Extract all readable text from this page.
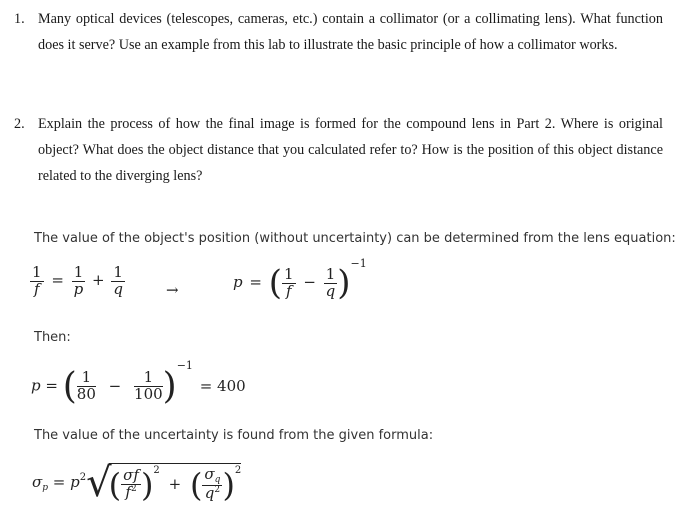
1. Many optical devices (telescopes, cameras, etc.) contain a collimator (or a collimating lens). What function does it serve? Use an example from this lab to illustrate the basic principle of how a collimator works.
2. Explain the process of how the final image is formed for the compound lens in Part 2. Where is original object? What does the object distance that you calculated refer to? How is the position of this object distance related to the diverging lens?
The value of the object's position (without uncertainty) can be determined from the lens equation:
$\frac{1}{f} = \frac{1}{p} + \frac{1}{q}$	→	p = ( $\frac{1}{f} - \frac{1}{q} )^{-1}$
Then:
p = ( $\frac{1}{80} - \frac{1}{100} )^{-1} = 400$
The value of the uncertainty is found from the given formula:
$\sigma_p = p^2√( \frac{\sigma f}{f^2} )^2$ + ( $\frac{\sigma_q}{q^2} )^2$
